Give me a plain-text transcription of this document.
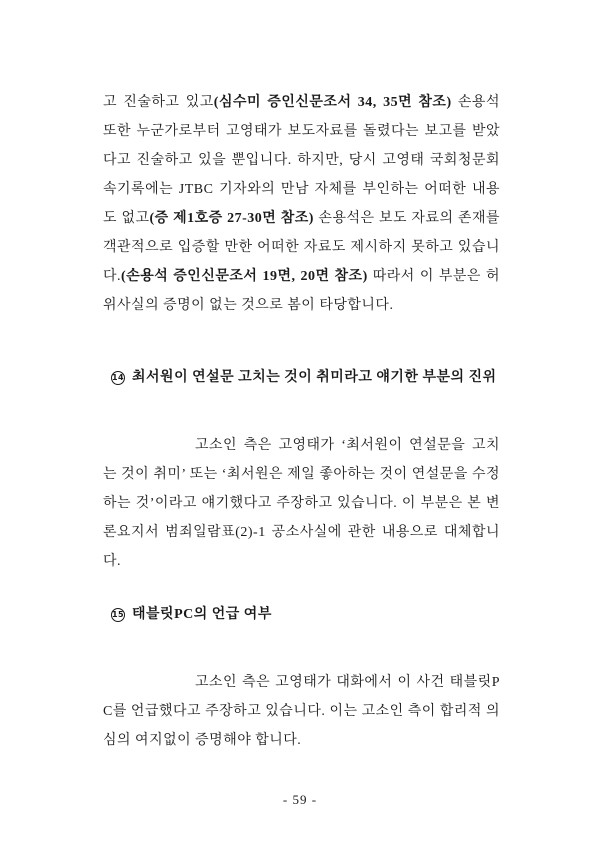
고 진술하고 있고(심수미 증인신문조서 34, 35면 참조) 손용석 또한 누군가로부터 고영태가 보도자료를 돌렸다는 보고를 받았다고 진술하고 있을 뿐입니다. 하지만, 당시 고영태 국회청문회 속기록에는 JTBC 기자와의 만남 자체를 부인하는 어떠한 내용도 없고(증 제1호증 27-30면 참조) 손용석은 보도 자료의 존재를 객관적으로 입증할 만한 어떠한 자료도 제시하지 못하고 있습니다.(손용석 증인신문조서 19면, 20면 참조) 따라서 이 부분은 허위사실의 증명이 없는 것으로 봄이 타당합니다.

14 최서원이 연설문 고치는 것이 취미라고 얘기한 부분의 진위

고소인 측은 고영태가 ‘최서원이 연설문을 고치는 것이 취미’ 또는 ‘최서원은 제일 좋아하는 것이 연설문을 수정하는 것’이라고 얘기했다고 주장하고 있습니다. 이 부분은 본 변론요지서 범죄일람표(2)-1 공소사실에 관한 내용으로 대체합니다.

15 태블릿PC의 언급 여부

고소인 측은 고영태가 대화에서 이 사건 태블릿PC를 언급했다고 주장하고 있습니다. 이는 고소인 측이 합리적 의심의 여지없이 증명해야 합니다.

- 59 -
